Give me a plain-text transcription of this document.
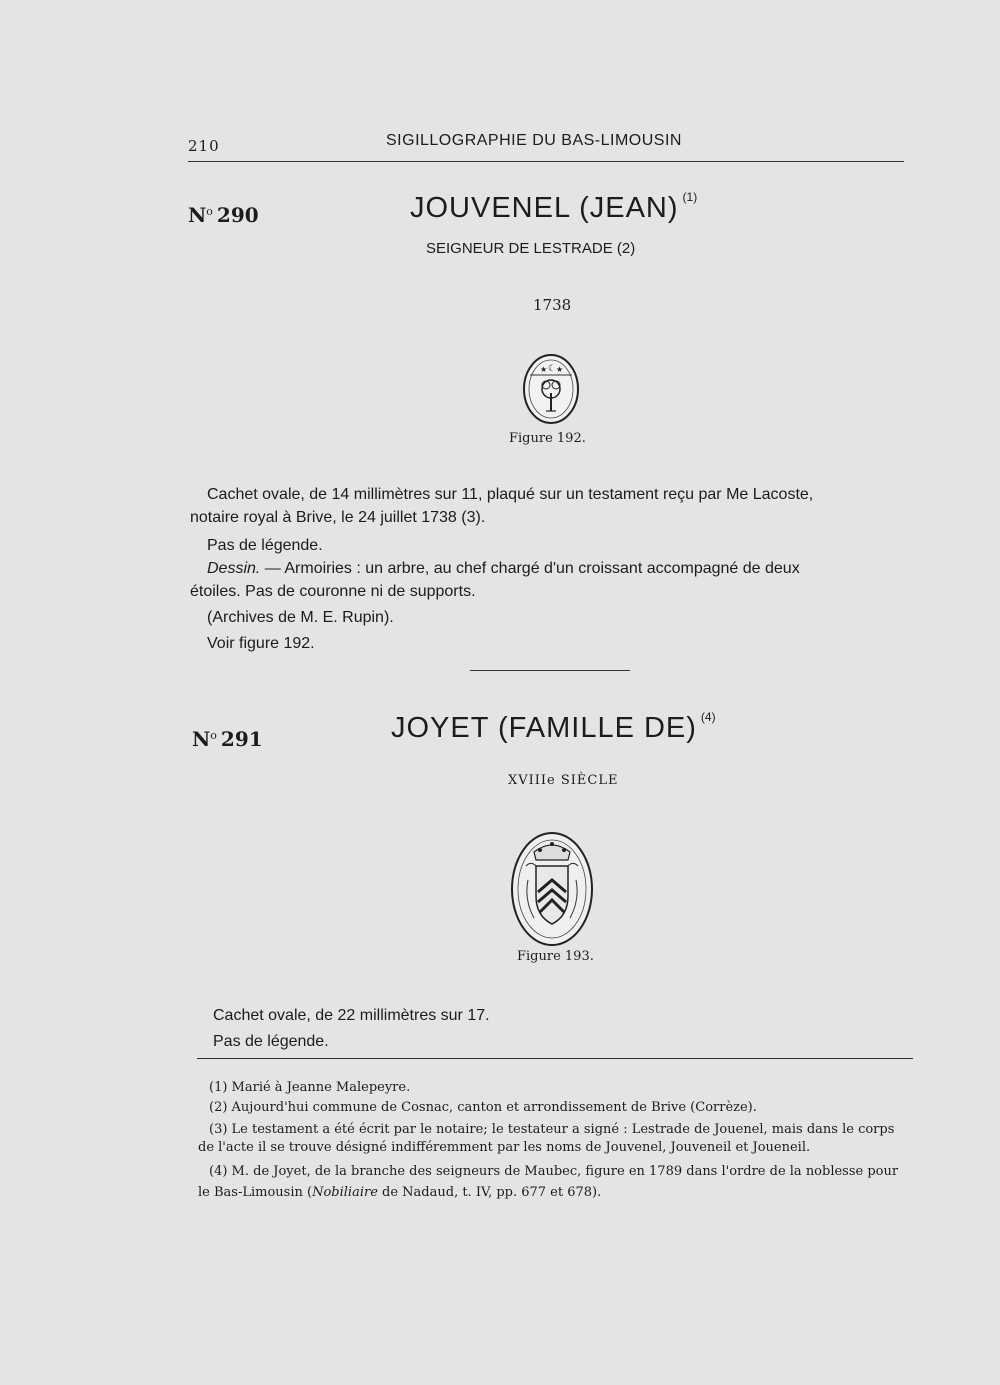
210	SIGILLOGRAPHIE DU BAS-LIMOUSIN
$N^o$ 290	JOUVENEL (JEAN) $^{(1)}$
SEIGNEUR DE LESTRADE (2)
1738
★ ☾ ★
Figure 192.
Cachet ovale, de 14 millimètres sur 11, plaqué sur un testament reçu par Me Lacoste,
notaire royal à Brive, le 24 juillet 1738 (3).
Pas de légende.
Dessin. — Armoiries : un arbre, au chef chargé d'un croissant accompagné de deux
étoiles. Pas de couronne ni de supports.
(Archives de M. E. Rupin).
Voir figure 192.
$N^o$ 291	JOYET (FAMILLE DE) $^{(4)}$
XVIIIe SIÈCLE
Figure 193.
Cachet ovale, de 22 millimètres sur 17.
Pas de légende.
(1) Marié à Jeanne Malepeyre.
(2) Aujourd'hui commune de Cosnac, canton et arrondissement de Brive (Corrèze).
(3) Le testament a été écrit par le notaire; le testateur a signé : Lestrade de Jouenel, mais dans le corps
de l'acte il se trouve désigné indifféremment par les noms de Jouvenel, Jouveneil et Joueneil.
(4) M. de Joyet, de la branche des seigneurs de Maubec, figure en 1789 dans l'ordre de la noblesse pour
le Bas-Limousin (Nobiliaire de Nadaud, t. IV, pp. 677 et 678).
